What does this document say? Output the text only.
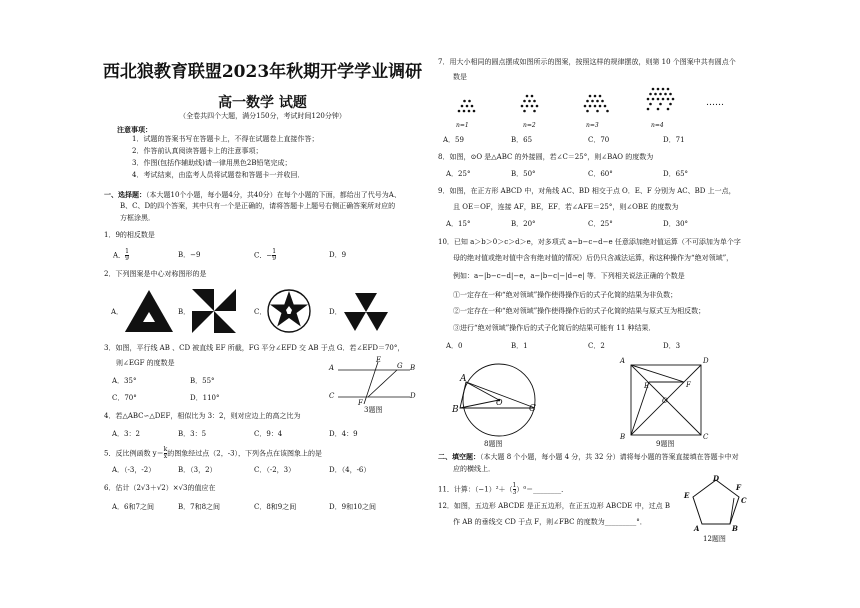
西北狼教育联盟2023年秋期开学学业调研
高一数学 试题
（全卷共四个大题，满分150分，考试时间120分钟）
注意事项：
1．试题的答案书写在答题卡上，不得在试题卷上直接作答；
2．作答前认真阅读答题卡上的注意事项；
3．作图(包括作辅助线)请一律用黑色2B铅笔完成；
4．考试结束，由监考人员将试题卷和答题卡一并收回．
一、选择题：（本大题10个小题，每小题4分，共40分）在每个小题的下面，都给出了代号为A、
B、C、D的四个答案，其中只有一个是正确的，请将答题卡上题号右侧正确答案所对应的
方框涂黑．
1．9的相反数是
A． $\frac{1}{9}$	B．−9	C．− $\frac{1}{9}$	D．9
2．下列图案是中心对称图形的是
A．	B．	C．	D．
3．如图，平行线 AB 、CD 被直线 EF 所截，FG 平分∠EFD 交 AB 于点 G．若∠EFD＝70°，
则∠EGF 的度数是
A．35°	B．55°
C．70°	D．110°
A	B
C	D
E
F
G
3题图
4．若△ABC∽△DEF，相似比为 3：2，则对应边上的高之比为
A．3：2	B．3：5	C．9：4	D．4：9
5．反比例函数 $y= \frac{k}{x}$ 的图象经过点（2，-3），下列各点在该图象上的是
A．（-3，-2）	B．（3，2）	C．（-2，3）	D．（4，-6）
6．估计（2√3＋√2）×√3的值应在
A．6和7之间	B．7和8之间	C．8和9之间	D．9和10之间
7．用大小相同的圆点摆成如图所示的图案，按照这样的规律摆放，则第 10 个图案中共有圆点个
数是
n=1	n=2	n=3	n=4
……
A．59	B．65	C．70	D．71
8．如图，⊙O 是△ABC 的外接圆，若∠C＝25°，则∠BAO 的度数为
A．25°	B．50°	C．60°	D．65°
9．如图，在正方形 ABCD 中，对角线 AC、BD 相交于点 O．E、F 分别为 AC、BD 上一点，
且 OE＝OF，连接 AF，BE，EF．若∠AFE＝25°，则∠OBE 的度数为
A．15°	B．20°	C．25°	D．30°
10．已知 a＞b＞0＞c＞d＞e，对多项式 a−b−c−d−e 任意添加绝对值运算（不可添加为单个字
母的绝对值或绝对值中含有绝对值的情况）后仍只含减法运算，称这种操作为“绝对领域”，
例如：a−|b−c−d|−e，a−|b−c|−|d−e| 等．下列相关说法正确的个数是
①一定存在一种“绝对领域”操作使得操作后的式子化简的结果为非负数；
②一定存在一种“绝对领域”操作使得操作后的式子化简的结果与原式互为相反数；
③进行“绝对领域”操作后的式子化简后的结果可能有 11 种结果．
A．0	B．1	C．2	D．3
A
B	C
O
8题图
A	D
B	C
E	F
O
9题图
二、填空题：（本大题 8 个小题，每小题 4 分，共 32 分）请将每小题的答案直接填在答题卡中对
应的横线上．
11．计算：$(-1)^2+( \frac{1}{3}$ ）⁰＝________．
12．如图，五边形 ABCDE 是正五边形，在正五边形 ABCDE 中，过点 B
作 AB 的垂线交 CD 于点 F，则∠FBC 的度数为_________°．
D
E
F
C
A	B
12题图
